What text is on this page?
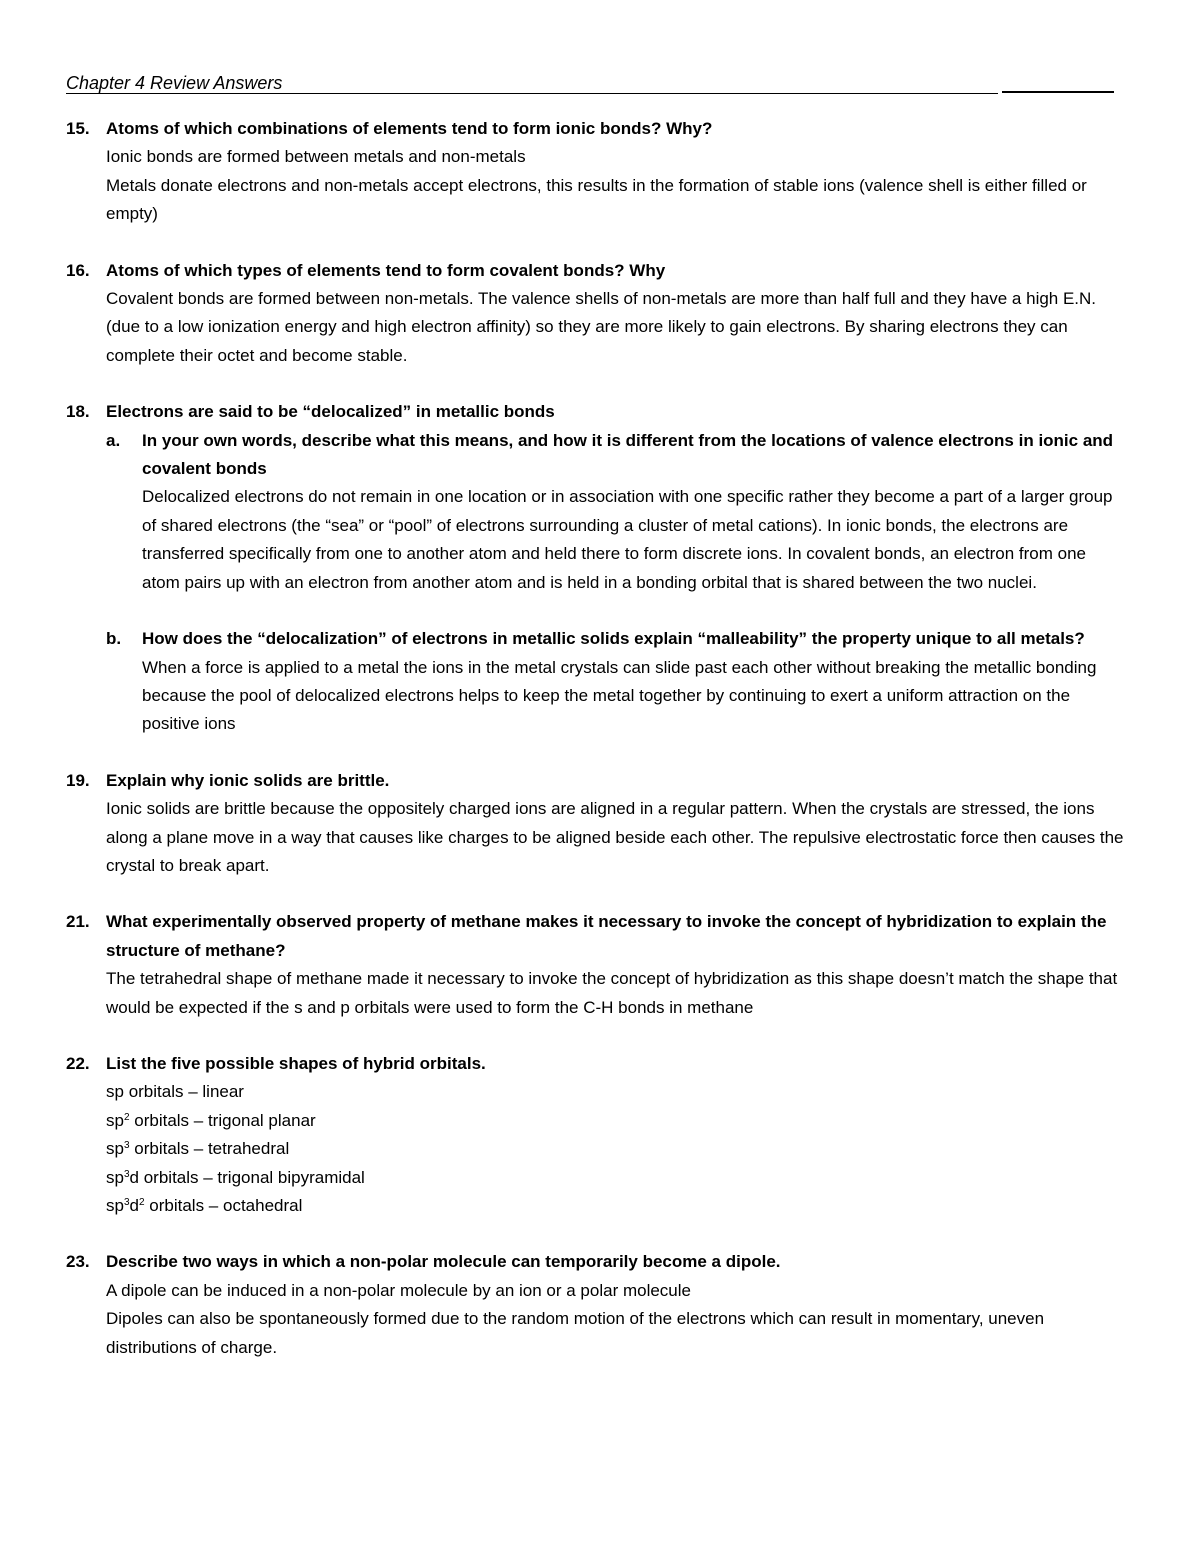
Chapter 4 Review Answers
15. Atoms of which combinations of elements tend to form ionic bonds? Why?
Ionic bonds are formed between metals and non-metals
Metals donate electrons and non-metals accept electrons, this results in the formation of stable ions (valence shell is either filled or empty)
16. Atoms of which types of elements tend to form covalent bonds? Why
Covalent bonds are formed between non-metals. The valence shells of non-metals are more than half full and they have a high E.N. (due to a low ionization energy and high electron affinity) so they are more likely to gain electrons. By sharing electrons they can complete their octet and become stable.
18. Electrons are said to be “delocalized” in metallic bonds
a. In your own words, describe what this means, and how it is different from the locations of valence electrons in ionic and covalent bonds
Delocalized electrons do not remain in one location or in association with one specific rather they become a part of a larger group of shared electrons (the “sea” or “pool” of electrons surrounding a cluster of metal cations). In ionic bonds, the electrons are transferred specifically from one to another atom and held there to form discrete ions. In covalent bonds, an electron from one atom pairs up with an electron from another atom and is held in a bonding orbital that is shared between the two nuclei.
b. How does the “delocalization” of electrons in metallic solids explain “malleability” the property unique to all metals?
When a force is applied to a metal the ions in the metal crystals can slide past each other without breaking the metallic bonding because the pool of delocalized electrons helps to keep the metal together by continuing to exert a uniform attraction on the positive ions
19. Explain why ionic solids are brittle.
Ionic solids are brittle because the oppositely charged ions are aligned in a regular pattern. When the crystals are stressed, the ions along a plane move in a way that causes like charges to be aligned beside each other. The repulsive electrostatic force then causes the crystal to break apart.
21. What experimentally observed property of methane makes it necessary to invoke the concept of hybridization to explain the structure of methane?
The tetrahedral shape of methane made it necessary to invoke the concept of hybridization as this shape doesn’t match the shape that would be expected if the s and p orbitals were used to form the C-H bonds in methane
22. List the five possible shapes of hybrid orbitals.
sp orbitals – linear
$sp^2$ orbitals – trigonal planar
$sp^3$ orbitals – tetrahedral
$sp^3d$ orbitals – trigonal bipyramidal
$sp^3d^2$ orbitals – octahedral
23. Describe two ways in which a non-polar molecule can temporarily become a dipole.
A dipole can be induced in a non-polar molecule by an ion or a polar molecule
Dipoles can also be spontaneously formed due to the random motion of the electrons which can result in momentary, uneven distributions of charge.
